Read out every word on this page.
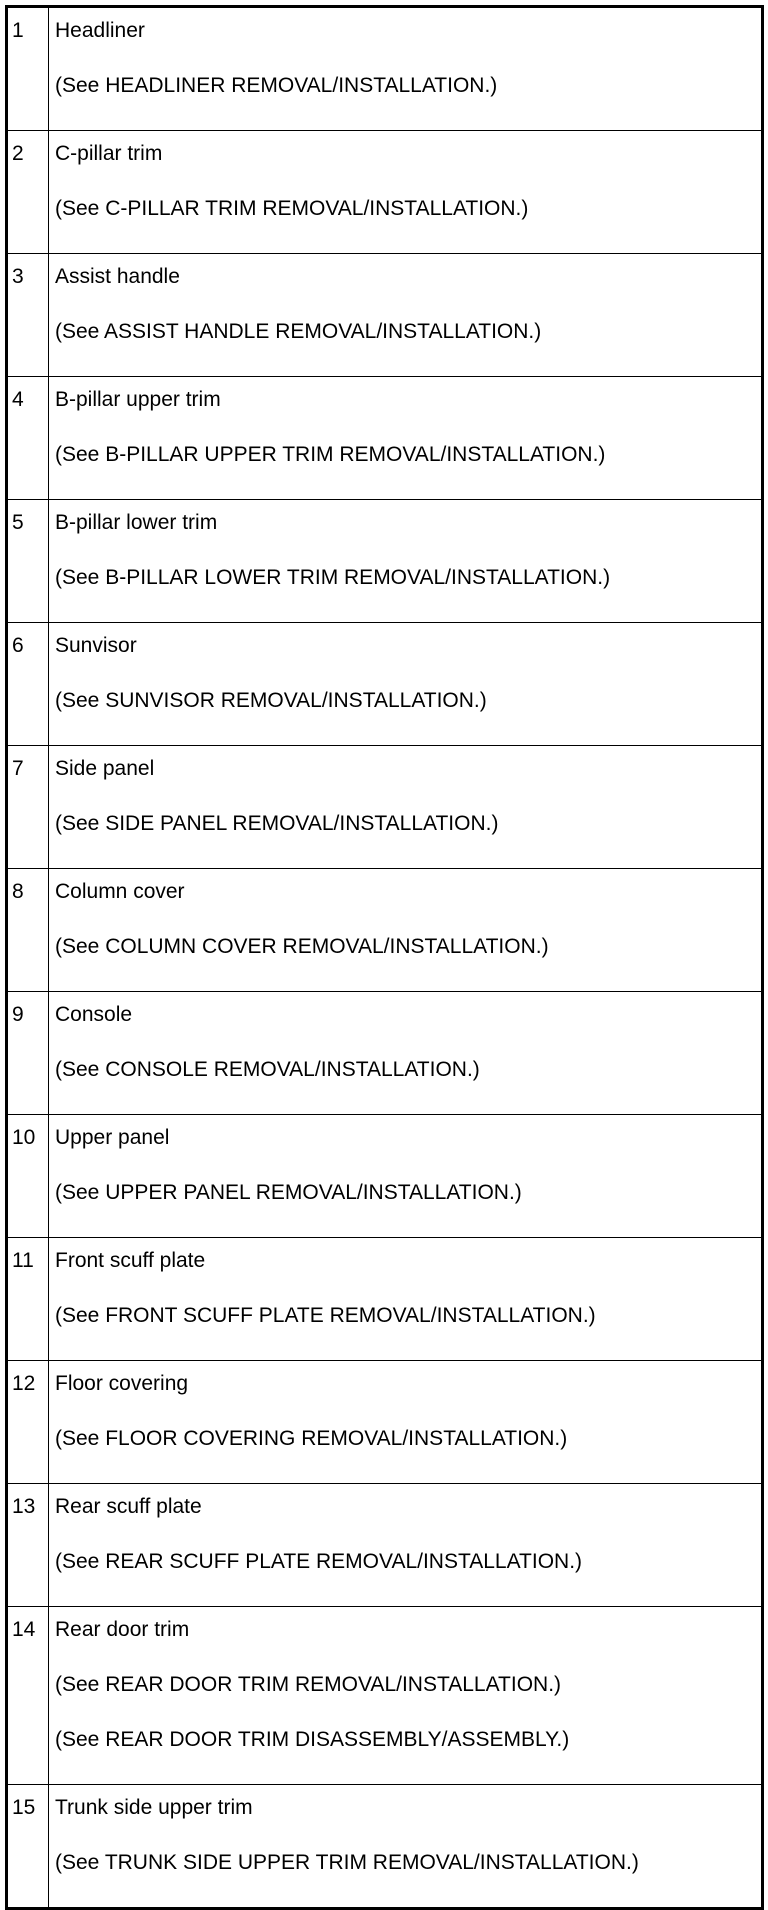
1	Headliner
(See HEADLINER REMOVAL/INSTALLATION.)

2	C-pillar trim
(See C-PILLAR TRIM REMOVAL/INSTALLATION.)

3	Assist handle
(See ASSIST HANDLE REMOVAL/INSTALLATION.)

4	B-pillar upper trim
(See B-PILLAR UPPER TRIM REMOVAL/INSTALLATION.)

5	B-pillar lower trim
(See B-PILLAR LOWER TRIM REMOVAL/INSTALLATION.)

6	Sunvisor
(See SUNVISOR REMOVAL/INSTALLATION.)

7	Side panel
(See SIDE PANEL REMOVAL/INSTALLATION.)

8	Column cover
(See COLUMN COVER REMOVAL/INSTALLATION.)

9	Console
(See CONSOLE REMOVAL/INSTALLATION.)

10	Upper panel
(See UPPER PANEL REMOVAL/INSTALLATION.)

11	Front scuff plate
(See FRONT SCUFF PLATE REMOVAL/INSTALLATION.)

12	Floor covering
(See FLOOR COVERING REMOVAL/INSTALLATION.)

13	Rear scuff plate
(See REAR SCUFF PLATE REMOVAL/INSTALLATION.)

14	Rear door trim
(See REAR DOOR TRIM REMOVAL/INSTALLATION.)
(See REAR DOOR TRIM DISASSEMBLY/ASSEMBLY.)

15	Trunk side upper trim
(See TRUNK SIDE UPPER TRIM REMOVAL/INSTALLATION.)
